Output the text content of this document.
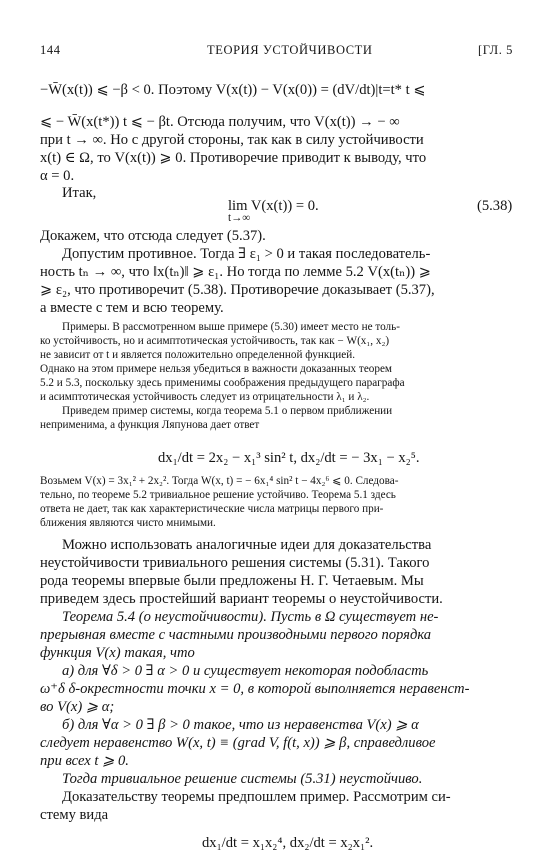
144	ТЕОРИЯ УСТОЙЧИВОСТИ	[ГЛ. 5
−W̄(x(t)) ⩽ −β < 0. Поэтому V(x(t)) − V(x(0)) = (dV/dt)|t=t* t ⩽
⩽ − W̄(x(t*)) t ⩽ − βt. Отсюда получим, что V(x(t)) → − ∞
при t → ∞. Но с другой стороны, так как в силу устойчивости
x(t) ∈ Ω, то V(x(t)) ⩾ 0. Противоречие приводит к выводу, что
α = 0.
Итак,
lim V(x(t)) = 0.
t→∞
(5.38)
Докажем, что отсюда следует (5.37).
Допустим противное. Тогда ∃ ε₁ > 0 и такая последователь-
ность tₙ → ∞, что ‖x(tₙ)‖ ⩾ ε₁. Но тогда по лемме 5.2 V(x(tₙ)) ⩾
⩾ ε₂, что противоречит (5.38). Противоречие доказывает (5.37),
а вместе с тем и всю теорему.
Примеры. В рассмотренном выше примере (5.30) имеет место не толь-
ко устойчивость, но и асимптотическая устойчивость, так как − W(x₁, x₂)
не зависит от t и является положительно определенной функцией.
Однако на этом примере нельзя убедиться в важности доказанных теорем
5.2 и 5.3, поскольку здесь применимы соображения предыдущего параграфа
и асимптотическая устойчивость следует из отрицательности λ₁ и λ₂.
Приведем пример системы, когда теорема 5.1 о первом приближении
неприменима, а функция Ляпунова дает ответ
dx₁/dt = 2x₂ − x₁³ sin² t, dx₂/dt = − 3x₁ − x₂⁵.
Возьмем V(x) = 3x₁² + 2x₂². Тогда W(x, t) = − 6x₁⁴ sin² t − 4x₂⁶ ⩽ 0. Следова-
тельно, по теореме 5.2 тривиальное решение устойчиво. Теорема 5.1 здесь
ответа не дает, так как характеристические числа матрицы первого при-
ближения являются чисто мнимыми.
Можно использовать аналогичные идеи для доказательства
неустойчивости тривиального решения системы (5.31). Такого
рода теоремы впервые были предложены Н. Г. Четаевым. Мы
приведем здесь простейший вариант теоремы о неустойчивости.
Теорема 5.4 (о неустойчивости). Пусть в Ω существует не-
прерывная вместе с частными производными первого порядка
функция V(x) такая, что
а) для ∀δ > 0 ∃ α > 0 и существует некоторая подобласть
ω⁺δ δ-окрестности точки x = 0, в которой выполняется неравенст-
во V(x) ⩾ α;
б) для ∀α > 0 ∃ β > 0 такое, что из неравенства V(x) ⩾ α
следует неравенство W(x, t) ≡ (grad V, f(t, x)) ⩾ β, справедливое
при всех t ⩾ 0.
Тогда тривиальное решение системы (5.31) неустойчиво.
Доказательству теоремы предпошлем пример. Рассмотрим си-
стему вида
dx₁/dt = x₁x₂⁴, dx₂/dt = x₂x₁².
